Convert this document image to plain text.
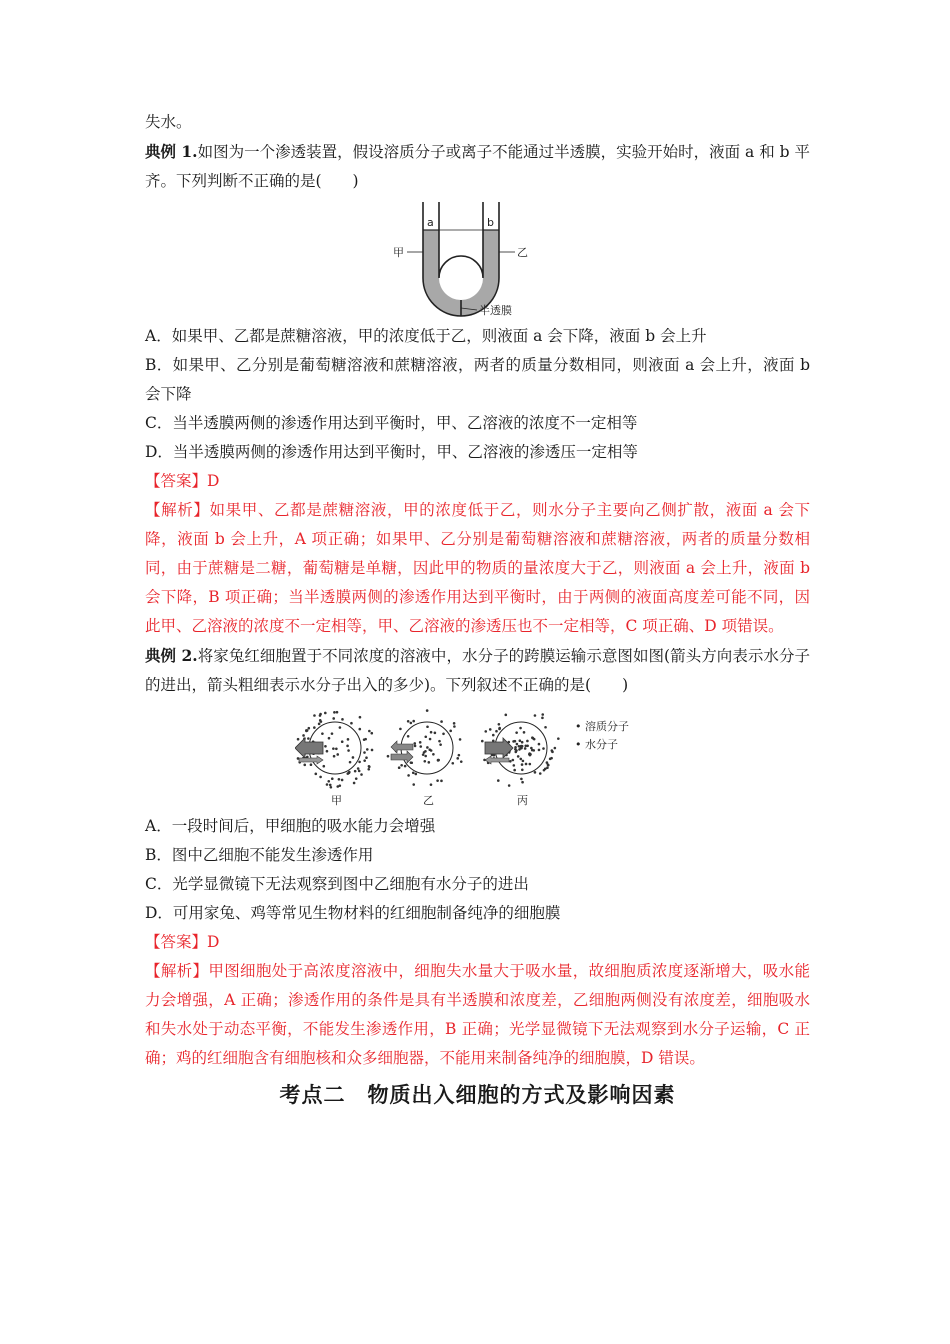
失水。

典例 1.如图为一个渗透装置，假设溶质分子或离子不能通过半透膜，实验开始时，液面 a 和 b 平齐。下列判断不正确的是(　　)

a	b
甲	乙
半透膜

A．如果甲、乙都是蔗糖溶液，甲的浓度低于乙，则液面 a 会下降，液面 b 会上升

B．如果甲、乙分别是葡萄糖溶液和蔗糖溶液，两者的质量分数相同，则液面 a 会上升，液面 b 会下降

C．当半透膜两侧的渗透作用达到平衡时，甲、乙溶液的浓度不一定相等

D．当半透膜两侧的渗透作用达到平衡时，甲、乙溶液的渗透压一定相等

【答案】D

【解析】如果甲、乙都是蔗糖溶液，甲的浓度低于乙，则水分子主要向乙侧扩散，液面 a 会下降，液面 b 会上升，A 项正确；如果甲、乙分别是葡萄糖溶液和蔗糖溶液，两者的质量分数相同，由于蔗糖是二糖，葡萄糖是单糖，因此甲的物质的量浓度大于乙，则液面 a 会上升，液面 b 会下降，B 项正确；当半透膜两侧的渗透作用达到平衡时，由于两侧的液面高度差可能不同，因此甲、乙溶液的浓度不一定相等，甲、乙溶液的渗透压也不一定相等，C 项正确、D 项错误。

典例 2.将家兔红细胞置于不同浓度的溶液中，水分子的跨膜运输示意图如图(箭头方向表示水分子的进出，箭头粗细表示水分子出入的多少)。下列叙述不正确的是(　　)

甲	乙	丙
• 溶质分子
• 水分子

A．一段时间后，甲细胞的吸水能力会增强

B．图中乙细胞不能发生渗透作用

C．光学显微镜下无法观察到图中乙细胞有水分子的进出

D．可用家兔、鸡等常见生物材料的红细胞制备纯净的细胞膜

【答案】D

【解析】甲图细胞处于高浓度溶液中，细胞失水量大于吸水量，故细胞质浓度逐渐增大，吸水能力会增强，A 正确；渗透作用的条件是具有半透膜和浓度差，乙细胞两侧没有浓度差，细胞吸水和失水处于动态平衡，不能发生渗透作用，B 正确；光学显微镜下无法观察到水分子运输，C 正确；鸡的红细胞含有细胞核和众多细胞器，不能用来制备纯净的细胞膜，D 错误。

考点二　物质出入细胞的方式及影响因素
